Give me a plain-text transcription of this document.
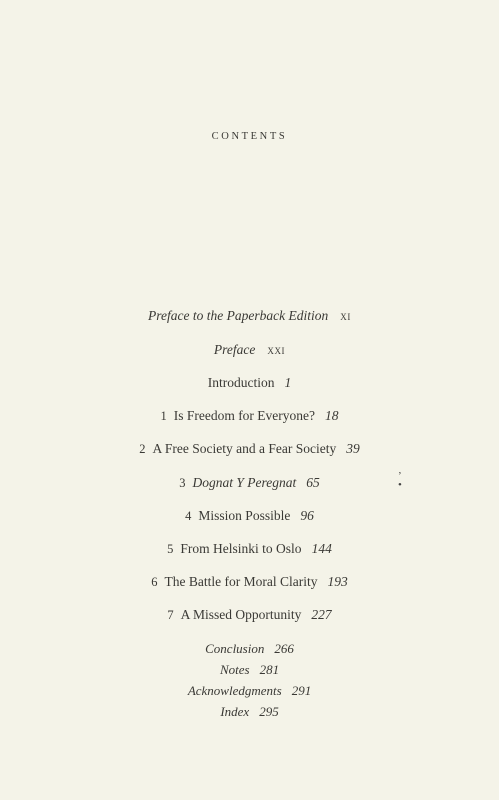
CONTENTS
Preface to the Paperback Edition xi
Preface xxi
Introduction 1
1 Is Freedom for Everyone? 18
2 A Free Society and a Fear Society 39
3 Dognat Y Peregnat 65	’
•
4 Mission Possible 96
5 From Helsinki to Oslo 144
6 The Battle for Moral Clarity 193
7 A Missed Opportunity 227
Conclusion 266
Notes 281
Acknowledgments 291
Index 295
